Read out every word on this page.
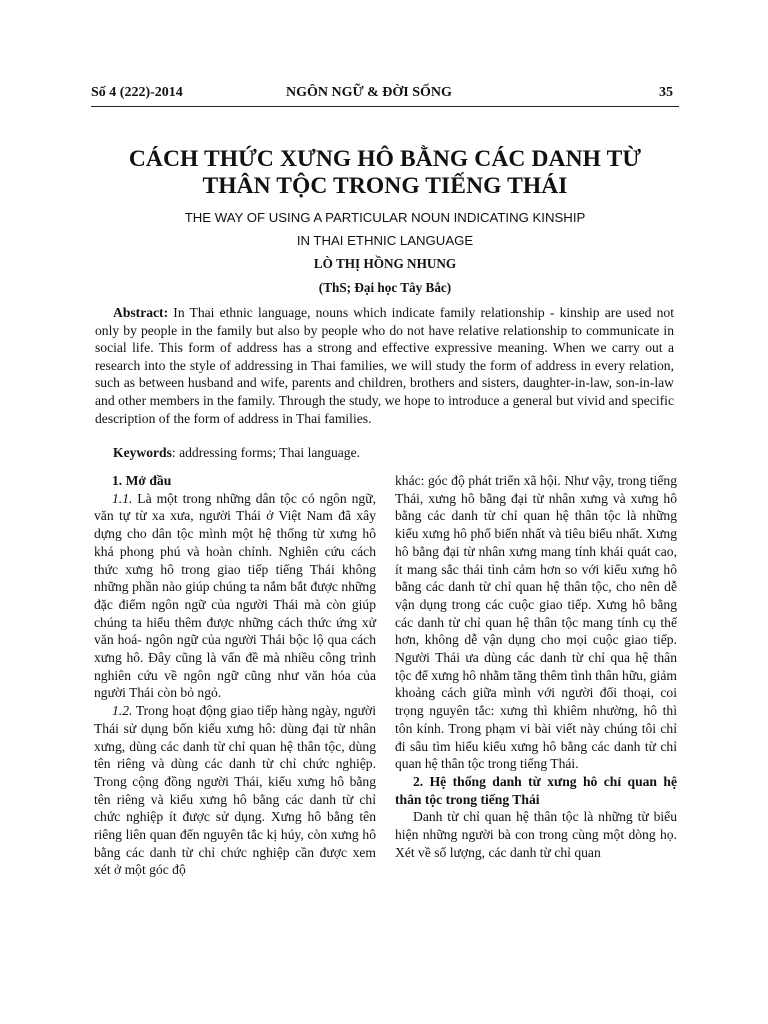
Số 4 (222)-2014	NGÔN NGỮ & ĐỜI SỐNG	35
CÁCH THỨC XƯNG HÔ BẰNG CÁC DANH TỪ
THÂN TỘC TRONG TIẾNG THÁI
THE WAY OF USING A PARTICULAR NOUN INDICATING KINSHIP
IN THAI ETHNIC LANGUAGE
LÒ THỊ HỒNG NHUNG
(ThS; Đại học Tây Bắc)

Abstract: In Thai ethnic language, nouns which indicate family relationship - kinship are used not only by people in the family but also by people who do not have relative relationship to communicate in social life. This form of address has a strong and effective expressive meaning. When we carry out a research into the style of addressing in Thai families, we will study the form of address in every relation, such as between husband and wife, parents and children, brothers and sisters, daughter-in-law, son-in-law and other members in the family. Through the study, we hope to introduce a general but vivid and specific description of the form of address in Thai families.

Keywords: addressing forms; Thai language.

1. Mở đầu

1.1. Là một trong những dân tộc có ngôn ngữ, văn tự từ xa xưa, người Thái ở Việt Nam đã xây dựng cho dân tộc mình một hệ thống từ xưng hô khá phong phú và hoàn chỉnh. Nghiên cứu cách thức xưng hô trong giao tiếp tiếng Thái không những phần nào giúp chúng ta nắm bắt được những đặc điểm ngôn ngữ của người Thái mà còn giúp chúng ta hiểu thêm được những cách thức ứng xử văn hoá- ngôn ngữ của người Thái bộc lộ qua cách xưng hô. Đây cũng là vấn đề mà nhiều công trình nghiên cứu về ngôn ngữ cũng như văn hóa của người Thái còn bỏ ngỏ.

1.2. Trong hoạt động giao tiếp hàng ngày, người Thái sử dụng bốn kiểu xưng hô: dùng đại từ nhân xưng, dùng các danh từ chỉ quan hệ thân tộc, dùng tên riêng và dùng các danh từ chỉ chức nghiệp. Trong cộng đồng người Thái, kiểu xưng hô bằng tên riêng và kiểu xưng hô bằng các danh từ chỉ chức nghiệp ít được sử dụng. Xưng hô bằng tên riêng liên quan đến nguyên tắc kị húy, còn xưng hô bằng các danh từ chỉ chức nghiệp cần được xem xét ở một góc độ

khác: góc độ phát triển xã hội. Như vậy, trong tiếng Thái, xưng hô bằng đại từ nhân xưng và xưng hô bằng các danh từ chỉ quan hệ thân tộc là những kiểu xưng hô phổ biến nhất và tiêu biểu nhất. Xưng hô bằng đại từ nhân xưng mang tính khái quát cao, ít mang sắc thái tình cảm hơn so với kiểu xưng hô bằng các danh từ chỉ quan hệ thân tộc, cho nên dễ vận dụng trong các cuộc giao tiếp. Xưng hô bằng các danh từ chỉ quan hệ thân tộc mang tính cụ thể hơn, không dễ vận dụng cho mọi cuộc giao tiếp. Người Thái ưa dùng các danh từ chỉ qua hệ thân tộc để xưng hô nhằm tăng thêm tình thân hữu, giảm khoảng cách giữa mình với người đối thoại, coi trọng nguyên tắc: xưng thì khiêm nhường, hô thì tôn kính. Trong phạm vi bài viết này chúng tôi chỉ đi sâu tìm hiểu kiểu xưng hô bằng các danh từ chỉ quan hệ thân tộc trong tiếng Thái.

2. Hệ thống danh từ xưng hô chỉ quan hệ thân tộc trong tiếng Thái

Danh từ chỉ quan hệ thân tộc là những từ biểu hiện những người bà con trong cùng một dòng họ. Xét về số lượng, các danh từ chỉ quan
